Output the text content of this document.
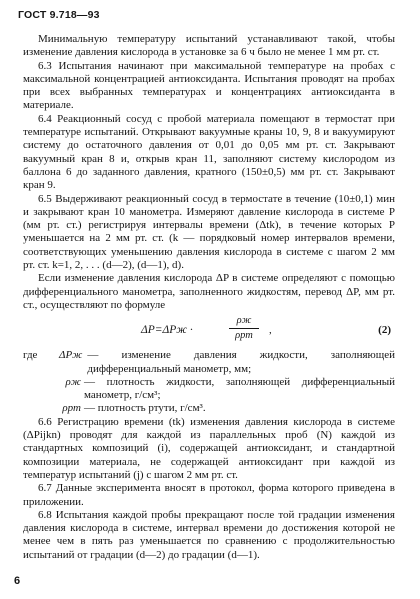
ГОСТ 9.718—93

Минимальную температуру испытаний устанавливают такой, чтобы изменение давления кислорода в установке за 6 ч было не менее 1 мм рт. ст.

6.3 Испытания начинают при максимальной температуре на пробах с максимальной концентрацией антиоксиданта. Испытания проводят на пробах при всех выбранных температурах и концентрациях антиоксиданта в материале.

6.4 Реакционный сосуд с пробой материала помещают в термостат при температуре испытаний. Открывают вакуумные краны 10, 9, 8 и вакуумируют систему до остаточного давления от 0,01 до 0,05 мм рт. ст. Закрывают вакуумный кран 8 и, открыв кран 11, заполняют систему кислородом из баллона 6 до заданного давления, кратного (150±0,5) мм рт. ст. Закрывают кран 9.

6.5 Выдерживают реакционный сосуд в термостате в течение (10±0,1) мин и закрывают кран 10 манометра. Измеряют давление кислорода в системе P (мм рт. ст.) регистрируя интервалы времени (Δtk), в течение которых P уменьшается на 2 мм рт. ст. (k — порядковый номер интервалов времени, соответствующих уменьшению давления кислорода в системе с шагом 2 мм рт. ст. k=1, 2, . . . (d—2), (d—1), d).

Если изменение давления кислорода ΔP в системе определяют с помощью дифференциального манометра, заполненного жидкостям, перевод ΔP, мм рт. ст., осуществляют по формуле

ΔP=ΔPж ·
ρж
ρрт	,	(2)
где	ΔPж — изменение давления жидкости, заполняющей дифференциальный манометр, мм;
ρж — плотность жидкости, заполняющей дифференциальный манометр, г/см³;
ρрт — плотность ртути, г/см³.

6.6 Регистрацию времени (tk) изменения давления кислорода в системе (ΔPijkn) проводят для каждой из параллельных проб (N) каждой из стандартных композиций (i), содержащей антиоксидант, и стандартной композиции материала, не содержащей антиоксидант при каждой из температур испытаний (j) с шагом 2 мм рт. ст.

6.7 Данные эксперимента вносят в протокол, форма которого приведена в приложении.

6.8 Испытания каждой пробы прекращают после той градации изменения давления кислорода в системе, интервал времени до достижения которой не менее чем в пять раз уменьшается по сравнению с продолжительностью испытаний от градации (d—2) до градации (d—1).

6
